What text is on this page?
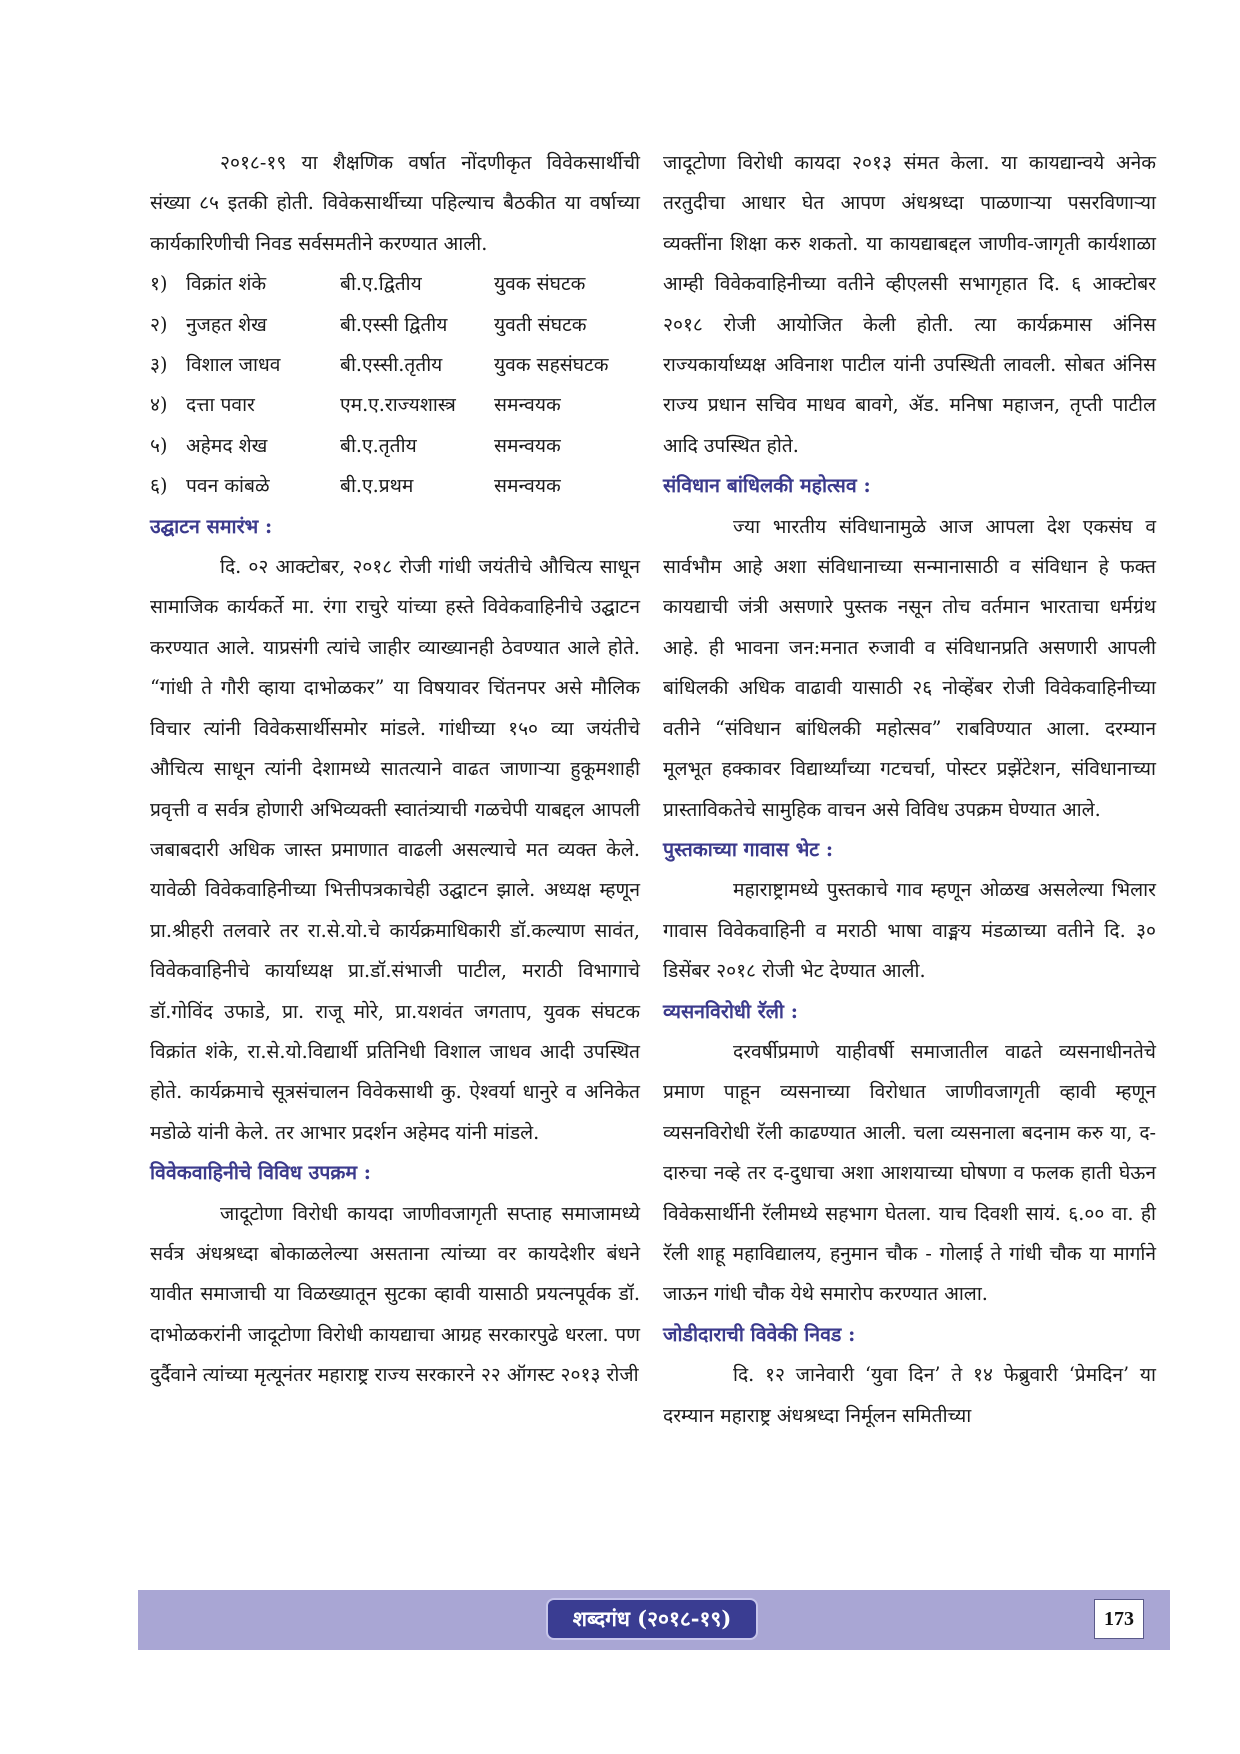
२०१८-१९ या शैक्षणिक वर्षात नोंदणीकृत विवेकसार्थीची संख्या ८५ इतकी होती. विवेकसार्थीच्या पहिल्याच बैठकीत या वर्षाच्या कार्यकारिणीची निवड सर्वसमतीने करण्यात आली.

१) विक्रांत शंके	बी.ए.द्वितीय	युवक संघटक
२) नुजहत शेख	बी.एस्सी द्वितीय	युवती संघटक
३) विशाल जाधव	बी.एस्सी.तृतीय	युवक सहसंघटक
४) दत्ता पवार	एम.ए.राज्यशास्त्र	समन्वयक
५) अहेमद शेख	बी.ए.तृतीय	समन्वयक
६) पवन कांबळे	बी.ए.प्रथम	समन्वयक
उद्घाटन समारंभ :

दि. ०२ आक्टोबर, २०१८ रोजी गांधी जयंतीचे औचित्य साधून सामाजिक कार्यकर्ते मा. रंगा राचुरे यांच्या हस्ते विवेकवाहिनीचे उद्घाटन करण्यात आले. याप्रसंगी त्यांचे जाहीर व्याख्यानही ठेवण्यात आले होते. “गांधी ते गौरी व्हाया दाभोळकर” या विषयावर चिंतनपर असे मौलिक विचार त्यांनी विवेकसार्थीसमोर मांडले. गांधीच्या १५० व्या जयंतीचे औचित्य साधून त्यांनी देशामध्ये सातत्याने वाढत जाणाऱ्या हुकूमशाही प्रवृत्ती व सर्वत्र होणारी अभिव्यक्ती स्वातंत्र्याची गळचेपी याबद्दल आपली जबाबदारी अधिक जास्त प्रमाणात वाढली असल्याचे मत व्यक्त केले. यावेळी विवेकवाहिनीच्या भित्तीपत्रकाचेही उद्घाटन झाले. अध्यक्ष म्हणून प्रा.श्रीहरी तलवारे तर रा.से.यो.चे कार्यक्रमाधिकारी डॉ.कल्याण सावंत, विवेकवाहिनीचे कार्याध्यक्ष प्रा.डॉ.संभाजी पाटील, मराठी विभागाचे डॉ.गोविंद उफाडे, प्रा. राजू मोरे, प्रा.यशवंत जगताप, युवक संघटक विक्रांत शंके, रा.से.यो.विद्यार्थी प्रतिनिधी विशाल जाधव आदी उपस्थित होते. कार्यक्रमाचे सूत्रसंचालन विवेकसाथी कु. ऐश्वर्या धानुरे व अनिकेत मडोळे यांनी केले. तर आभार प्रदर्शन अहेमद यांनी मांडले.

विवेकवाहिनीचे विविध उपक्रम :

जादूटोणा विरोधी कायदा जाणीवजागृती सप्ताह समाजामध्ये सर्वत्र अंधश्रध्दा बोकाळलेल्या असताना त्यांच्या वर कायदेशीर बंधने यावीत समाजाची या विळख्यातून सुटका व्हावी यासाठी प्रयत्नपूर्वक डॉ. दाभोळकरांनी जादूटोणा विरोधी कायद्याचा आग्रह सरकारपुढे धरला. पण दुर्दैवाने त्यांच्या मृत्यूनंतर महाराष्ट्र राज्य सरकारने २२ ऑगस्ट २०१३ रोजी

जादूटोणा विरोधी कायदा २०१३ संमत केला. या कायद्यान्वये अनेक तरतुदीचा आधार घेत आपण अंधश्रध्दा पाळणाऱ्या पसरविणाऱ्या व्यक्तींना शिक्षा करु शकतो. या कायद्याबद्दल जाणीव-जागृती कार्यशाळा आम्ही विवेकवाहिनीच्या वतीने व्हीएलसी सभागृहात दि. ६ आक्टोबर २०१८ रोजी आयोजित केली होती. त्या कार्यक्रमास अंनिस राज्यकार्याध्यक्ष अविनाश पाटील यांनी उपस्थिती लावली. सोबत अंनिस राज्य प्रधान सचिव माधव बावगे, ॲड. मनिषा महाजन, तृप्ती पाटील आदि उपस्थित होते.

संविधान बांधिलकी महोत्सव :

ज्या भारतीय संविधानामुळे आज आपला देश एकसंघ व सार्वभौम आहे अशा संविधानाच्या सन्मानासाठी व संविधान हे फक्त कायद्याची जंत्री असणारे पुस्तक नसून तोच वर्तमान भारताचा धर्मग्रंथ आहे. ही भावना जन:मनात रुजावी व संविधानप्रति असणारी आपली बांधिलकी अधिक वाढावी यासाठी २६ नोव्हेंबर रोजी विवेकवाहिनीच्या वतीने “संविधान बांधिलकी महोत्सव” राबविण्यात आला. दरम्यान मूलभूत हक्कावर विद्यार्थ्यांच्या गटचर्चा, पोस्टर प्रझेंटेशन, संविधानाच्या प्रास्ताविकतेचे सामुहिक वाचन असे विविध उपक्रम घेण्यात आले.

पुस्तकाच्या गावास भेट :

महाराष्ट्रामध्ये पुस्तकाचे गाव म्हणून ओळख असलेल्या भिलार गावास विवेकवाहिनी व मराठी भाषा वाङ्मय मंडळाच्या वतीने दि. ३० डिसेंबर २०१८ रोजी भेट देण्यात आली.

व्यसनविरोधी रॅली :

दरवर्षीप्रमाणे याहीवर्षी समाजातील वाढते व्यसनाधीनतेचे प्रमाण पाहून व्यसनाच्या विरोधात जाणीवजागृती व्हावी म्हणून व्यसनविरोधी रॅली काढण्यात आली. चला व्यसनाला बदनाम करु या, द-दारुचा नव्हे तर द-दुधाचा अशा आशयाच्या घोषणा व फलक हाती घेऊन विवेकसार्थीनी रॅलीमध्ये सहभाग घेतला. याच दिवशी सायं. ६.०० वा. ही रॅली शाहू महाविद्यालय, हनुमान चौक - गोलाई ते गांधी चौक या मार्गाने जाऊन गांधी चौक येथे समारोप करण्यात आला.

जोडीदाराची विवेकी निवड :

दि. १२ जानेवारी ‘युवा दिन’ ते १४ फेब्रुवारी ‘प्रेमदिन’ या दरम्यान महाराष्ट्र अंधश्रध्दा निर्मूलन समितीच्या

शब्दगंध (२०१८-१९)	173
